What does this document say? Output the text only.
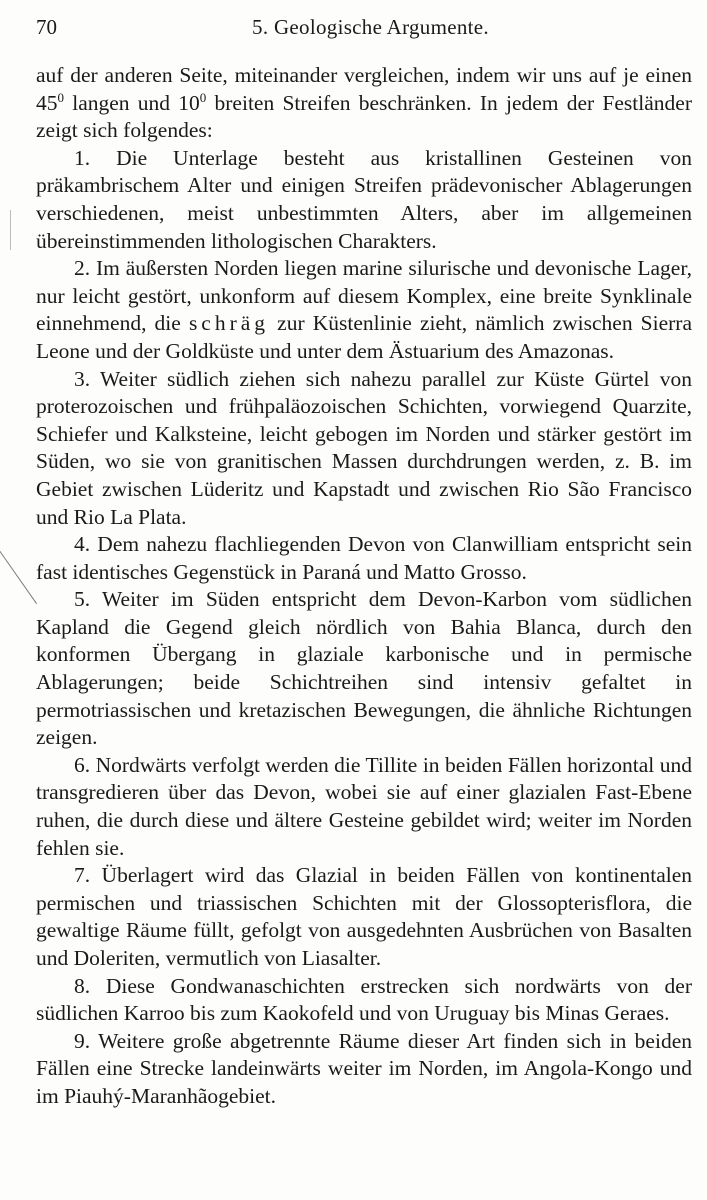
70	5. Geologische Argumente.

auf der anderen Seite, miteinander vergleichen, indem wir uns auf je einen $45^0$ langen und $10^0$ breiten Streifen beschränken. In jedem der Festländer zeigt sich folgendes:

1. Die Unterlage besteht aus kristallinen Gesteinen von präkambrischem Alter und einigen Streifen prädevonischer Ablagerungen verschiedenen, meist unbestimmten Alters, aber im allgemeinen übereinstimmenden lithologischen Charakters.

2. Im äußersten Norden liegen marine silurische und devonische Lager, nur leicht gestört, unkonform auf diesem Komplex, eine breite Synklinale einnehmend, die schräg zur Küstenlinie zieht, nämlich zwischen Sierra Leone und der Goldküste und unter dem Ästuarium des Amazonas.

3. Weiter südlich ziehen sich nahezu parallel zur Küste Gürtel von proterozoischen und frühpaläozoischen Schichten, vorwiegend Quarzite, Schiefer und Kalksteine, leicht gebogen im Norden und stärker gestört im Süden, wo sie von granitischen Massen durchdrungen werden, z. B. im Gebiet zwischen Lüderitz und Kapstadt und zwischen Rio São Francisco und Rio La Plata.

4. Dem nahezu flachliegenden Devon von Clanwilliam entspricht sein fast identisches Gegenstück in Paraná und Matto Grosso.

5. Weiter im Süden entspricht dem Devon-Karbon vom südlichen Kapland die Gegend gleich nördlich von Bahia Blanca, durch den konformen Übergang in glaziale karbonische und in permische Ablagerungen; beide Schichtreihen sind intensiv gefaltet in permotriassischen und kretazischen Bewegungen, die ähnliche Richtungen zeigen.

6. Nordwärts verfolgt werden die Tillite in beiden Fällen horizontal und transgredieren über das Devon, wobei sie auf einer glazialen Fast-Ebene ruhen, die durch diese und ältere Gesteine gebildet wird; weiter im Norden fehlen sie.

7. Überlagert wird das Glazial in beiden Fällen von kontinentalen permischen und triassischen Schichten mit der Glossopterisflora, die gewaltige Räume füllt, gefolgt von ausgedehnten Ausbrüchen von Basalten und Doleriten, vermutlich von Liasalter.

8. Diese Gondwanaschichten erstrecken sich nordwärts von der südlichen Karroo bis zum Kaokofeld und von Uruguay bis Minas Geraes.

9. Weitere große abgetrennte Räume dieser Art finden sich in beiden Fällen eine Strecke landeinwärts weiter im Norden, im Angola-Kongo und im Piauhý-Maranhãogebiet.
